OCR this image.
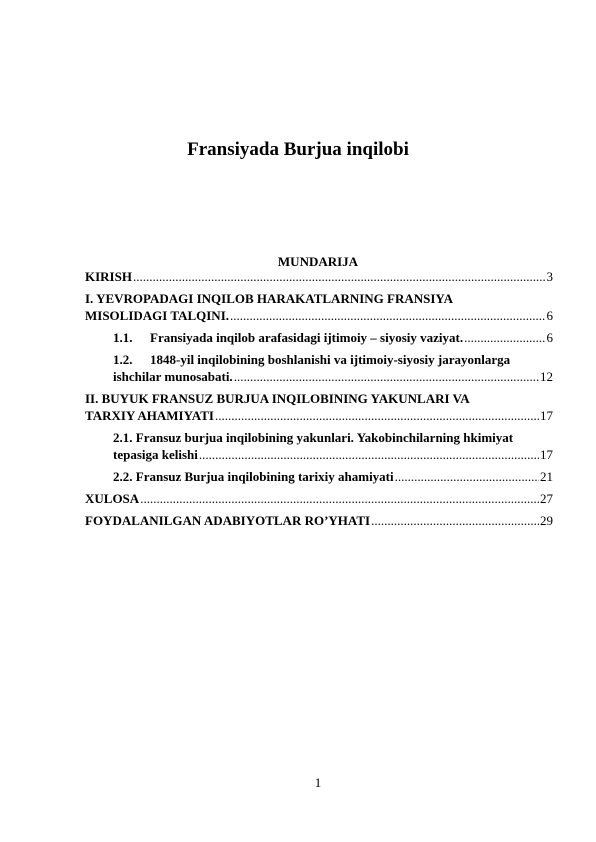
Fransiyada Burjua inqilobi
MUNDARIJA
KIRISH .....	3
I. YEVROPADAGI INQILOB HARAKATLARNING FRANSIYA
MISOLIDAGI TALQINI. .....	6
1.1. Fransiyada inqilob arafasidagi ijtimoiy – siyosiy vaziyat. .....	6
1.2. 1848-yil inqilobining boshlanishi va ijtimoiy-siyosiy jarayonlarga
ishchilar munosabati. .....	12
II. BUYUK FRANSUZ BURJUA INQILOBINING YAKUNLARI VA
TARXIY AHAMIYATI .....	17
2.1. Fransuz burjua inqilobining yakunlari. Yakobinchilarning hkimiyat
tepasiga kelishi .....	17
2.2. Fransuz Burjua inqilobining tarixiy ahamiyati .....	21
XULOSA .....	27
FOYDALANILGAN ADABIYOTLAR RO’YHATI .....	29
1
